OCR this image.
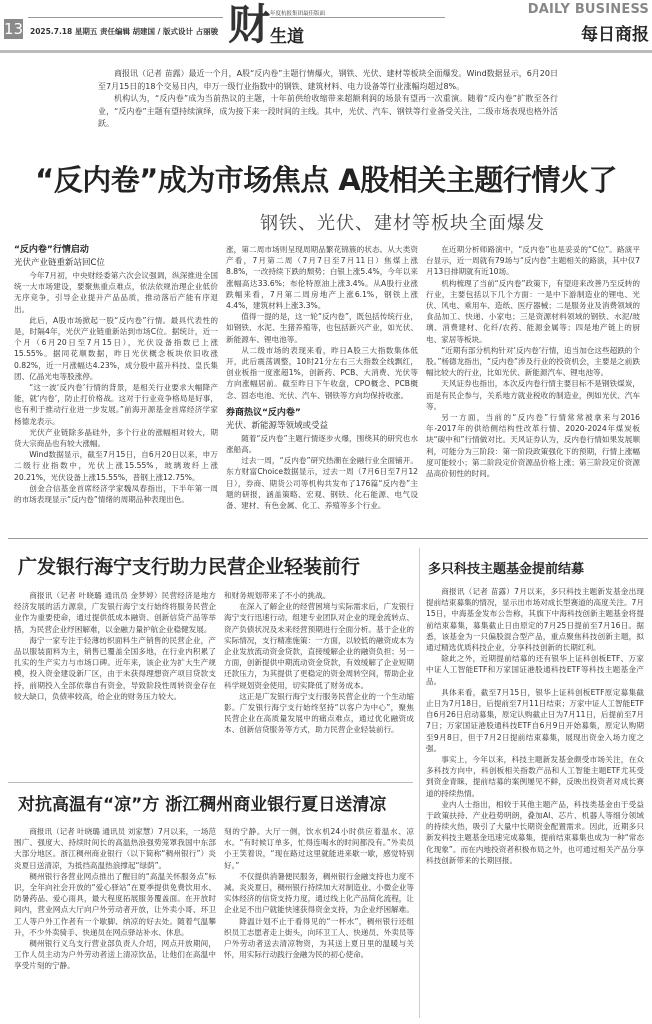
13 2025.7.18 星期五 责任编辑 胡建国 / 版式设计 占丽骏 财 年度杭报集团最佳版面
生道
DAILY BUSINESS
每日商报

商报讯（记者 苗露）最近一个月，A股“反内卷”主题行情爆火，钢铁、光伏、建材等板块全面爆发。Wind数据显示，6月20日至7月15日的18个交易日内，申万一级行业指数中的钢铁、建筑材料、电力设备等行业涨幅均超过8%。

机构认为，“反内卷”成为当前热议的主题，十年前供给收缩带来超额利润的场景有望再一次重演。随着“反内卷”扩散至各行业，“反内卷”主题有望持续演绎，成为接下来一段时间的主线。其中，光伏、汽车、钢铁等行业备受关注，二级市场表现也格外活跃。

“反内卷”成为市场焦点 A股相关主题行情火了
钢铁、光伏、建材等板块全面爆发
“反内卷”行情启动
光伏产业链重新站回C位

今年7月初，中央财经委第六次会议强调，纵深推进全国统一大市场建设，要聚焦重点难点，依法依规治理企业低价无序竞争，引导企业提升产品品质，推动落后产能有序退出。

此后，A股市场掀起一股“反内卷”行情。最具代表性的是，时隔4年，光伏产业链重新站到市场C位。据统计，近一个月（6月20日至7月15日），光伏设备指数已上涨15.55%。据同花顺数据，昨日光伏概念板块依旧收涨0.82%，近一月涨幅达4.23%，成分股中蓝升科技、皇氏集团、亿晶光电等股涨停。

“这一波‘反内卷’行情的背景，是相关行业要求大幅降产能，就‘内卷’，防止打价格战。这对于行业竞争格局是好事，也有利于推动行业进一步发展。”前海开源基金首席经济学家杨德龙表示。

光伏产业链除多晶硅外，多个行业的涨幅相对较大，期货大宗商品也有较大涨幅。

Wind数据显示，截至7月15日，自6月20日以来，申万二级行业指数中，光伏上涨15.55%，玻璃玻纤上涨20.21%，光伏设备上涨15.55%，普钢上涨12.75%。

创金合信基金首席经济学家魏凤春指出，下半年第一周的市场表现显示“反内卷”情绪的周期品种表现出色。

涨，第二周市场则呈现周期品繁花锦簇的状态。从大类资产看，7月第二周（7月7日至7月11日）焦煤上涨8.8%，一改持续下跌的颓势；白银上涨5.4%，今年以来涨幅高达33.6%；布伦特原油上涨3.4%。从A股行业涨跌幅来看，7月第二周房地产上涨6.1%，钢铁上涨4.4%，建筑材料上涨3.3%。

值得一提的是，这一轮“反内卷”，既包括传统行业，如钢铁、水泥、生猪养殖等，也包括新兴产业，如光伏、新能源车、锂电池等。

从二级市场的表现来看，昨日A股三大指数集体低开，此后震荡调整，10时21分左右三大指数全线飘红，创业板指一度涨超1%，创新药、PCB、大消费、光伏等方向涨幅居前。截至昨日下午收盘，CPO概念、PCB概念、固态电池、光伏、汽车、钢铁等方向均保持收涨。

券商热议“反内卷”
光伏、新能源等领域或受益

随着“反内卷”主题行情逐步火爆，围绕其的研究也水涨船高。

过去一周，“反内卷”研究热潮在金融行业全面铺开。东方财富Choice数据显示，过去一周（7月6日至7月12日），券商、期货公司等机构共发布了176篇“反内卷”主题的研报，涵盖策略、宏观、钢铁、化石能源、电气设备、建材、有色金属、化工、养殖等多个行业。

在近期分析师路演中，“反内卷”也是妥妥的“C位”。路演平台显示，近一周就有79场与“反内卷”主题相关的路演，其中仅7月13日排期就有近10场。

机构梳理了当前“反内卷”政策下，有望迎来改善乃至反转的行业，主要包括以下几个方面：一是中下游制造业的锂电、光伏、风电、乘用车、造纸、医疗器械；二是服务业及消费领域的食品加工、快递、小家电；三是资源材料领域的钢铁、水泥/玻璃、消费建材、化纤/农药、能源金属等；四是地产链上的厨电、家居等板块。

“近期有部分机构针对‘反内卷’行情，追当加仓这些超跌的个股。”杨德龙指出，“反内卷”涉及行业的投资机会，主要是之前跌幅比较大的行业，比如光伏、新能源汽车、锂电池等。

天风证券也指出，本次反内卷行情主要目标不是钢铁煤炭，而是有民企参与，关系地方就业税收的制造业，例如光伏、汽车等。

另一方面，当前的“反内卷”行情常常被拿来与2016年-2017年的供给侧结构性改革行情、2020-2024年煤炭板块“碳中和”行情做对比。天风证券认为，反内卷行情如果发展顺利，可能分为三阶段：第一阶段政策强化下的预期，行情上涨幅度可能较小；第二阶段定价资源品价格上涨；第三阶段定价资源品高价韧性的时间。

广发银行海宁支行助力民营企业轻装前行

商报讯（记者 叶晓璐 通讯员 金梦婷）民营经济是地方经济发展的活力源泉，广发银行海宁支行始终将服务民营企业作为重要使命，通过提供低成本融资、创新信贷产品等举措，为民营企业纾困解难，以金融力量护航企业稳健发展。

海宁一家专注于轻薄纺织面料生产销售的民营企业，产品以服装面料为主，销售已覆盖全国多地，在行业内积累了扎实的生产实力与市场口碑。近年来，该企业为扩大生产规模，投入资金建设新厂区，由于未获得理想资产项目贷款支持，前期投入全部依靠自有资金，导致阶段性周转资金存在较大缺口，负债率较高，给企业的财务压力较大。

和财务规划带来了不小的挑战。

在深入了解企业的经营困境与实际需求后，广发银行海宁支行迅速行动，组建专业团队对企业的现金流转点、资产负债状况及未来经营预期进行全面分析。基于企业的实际情况，支行精准施策：一方面，以较低的融资成本为企业发放流动资金贷款，直接缓解企业的融资负担；另一方面，创新提供中期流动资金贷款，有效缓解了企业短期还款压力，为其提供了更稳定的资金周转空间，帮助企业科学规划资金使用，切实降低了财务成本。

这正是广发银行海宁支行服务民营企业的一个生动缩影。广发银行海宁支行始终坚持“以客户为中心”，聚焦民营企业在高质量发展中的痛点难点，通过优化融资成本、创新信贷服务等方式，助力民营企业轻装前行。

对抗高温有“凉”方 浙江稠州商业银行夏日送清凉

商报讯（记者 叶晓璐 通讯员 刘家慧）7月以来，一场范围广、强度大、持续时间长的高温热浪强势笼罩我国中东部大部分地区。浙江稠州商业银行（以下简称“稠州银行”）炎炎夏日送清凉，为抵挡高温热浪撑起“绿荫”。

稠州银行各营业网点推出了醒目的“高温关怀服务点”标识，全年向社会开放的“爱心驿站”在夏季提供免费饮用水、防暑药品、爱心雨具，最大程度拓展服务覆盖面。在开放时间内，营业网点大厅向户外劳动者开放，让外卖小哥、环卫工人等户外工作者有一个歇脚、纳凉的好去处。随着气温攀升，不少外卖骑手、快递员在网点驿站补水、休息。

稠州银行义乌支行营业部负责人介绍，网点开放期间，工作人员主动为户外劳动者送上清凉饮品，让他们在高温中享受片刻的宁静。

刻的宁静。大厅一侧，饮水机24小时供应着温水、凉水。“有时候订单多，忙得连喝水的时间都没有。”外卖员小王笑着说，“现在路过这里就能进来歇一歇，感觉特别好。”

不仅提供消暑便民服务，稠州银行金融支持也力度不减。炎炎夏日，稠州银行持续加大对制造业、小微企业等实体经济的信贷支持力度，通过线上化产品简化流程，让企业足不出户就能快速获得资金支持，为企业纾困解难。

降温计划不止于看得见的“一杯水”，稠州银行还组织员工志愿者走上街头，向环卫工人、快递员、外卖员等户外劳动者送去清凉物资，为其送上夏日里的温暖与关怀，用实际行动践行金融为民的初心使命。

多只科技主题基金提前结募

商报讯（记者 苗露）7月以来，多只科技主题新发基金出现提前结束募集的情况，显示出市场对成长型赛道的高度关注。7月15日，中海基金发布公告称，其旗下中海科技创新主题基金将提前结束募集，募集截止日由原定的7月25日提前至7月16日。据悉，该基金为一只偏股混合型产品，重点聚焦科技创新主题，拟通过精选优质科技企业，分享科技创新的长期红利。

除此之外，近期提前结募的还有银华上证科创板ETF、万家中证人工智能ETF和万家国证港股通科技ETF等科技主题基金产品。

具体来看，截至7月15日，银华上证科创板ETF原定募集截止日为7月18日，后提前至7月11日结束；万家中证人工智能ETF自6月26日启动募集，原定认购截止日为7月11日，后提前至7月7日；万家国证港股通科技ETF自6月9日开始募集，原定认购期至9月8日，但于7月2日提前结束募集，展现出资金入场力度之强。

事实上，今年以来，科技主题新发基金颇受市场关注，在众多科技方向中，科创板相关指数产品和人工智能主题ETF尤其受到资金青睐，提前结募的案例屡见不鲜，反映出投资者对成长赛道的持续热情。

业内人士指出，相较于其他主题产品，科技类基金由于受益于政策扶持、产业趋势明朗，叠加AI、芯片、机器人等细分领域的持续火热，吸引了大量中长期资金配置需求。因此，近期多只新发科技主题基金迅速完成募集，提前结束募集也成为一种“常态化现象”。而在内地投资者积极布局之外，也可通过相关产品分享科技创新带来的长期回报。
